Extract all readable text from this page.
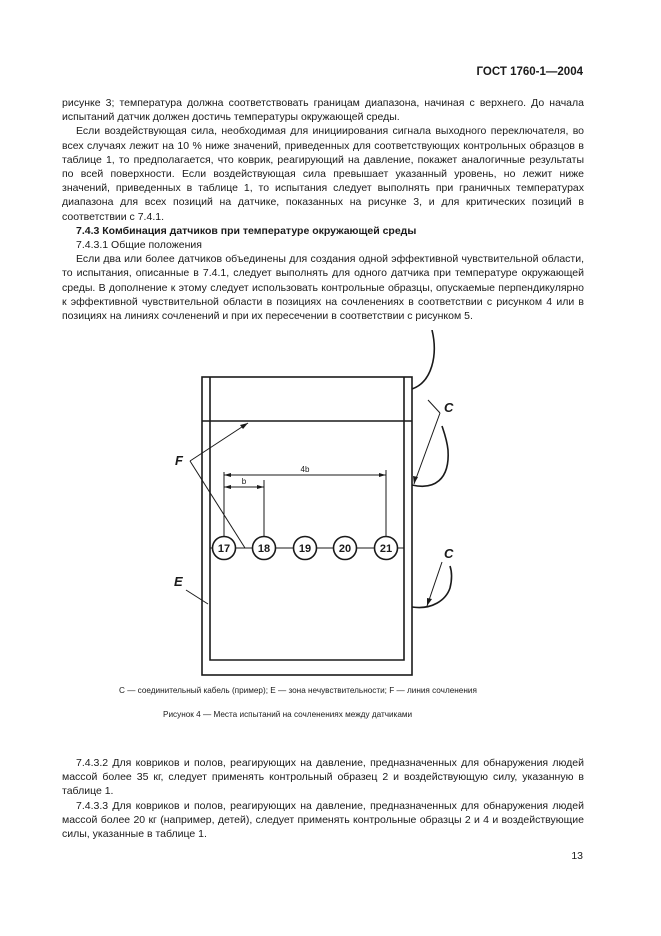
ГОСТ 1760-1—2004

рисунке 3; температура должна соответствовать границам диапазона, начиная с верхнего. До начала испытаний датчик должен достичь температуры окружающей среды.

Если воздействующая сила, необходимая для инициирования сигнала выходного переключателя, во всех случаях лежит на 10 % ниже значений, приведенных для соответствующих контрольных образцов в таблице 1, то предполагается, что коврик, реагирующий на давление, покажет аналогичные результаты по всей поверхности. Если воздействующая сила превышает указанный уровень, но лежит ниже значений, приведенных в таблице 1, то испытания следует выполнять при граничных температурах диапазона для всех позиций на датчике, показанных на рисунке 3, и для критических позиций в соответствии с 7.4.1.

7.4.3 Комбинация датчиков при температуре окружающей среды

7.4.3.1 Общие положения

Если два или более датчиков объединены для создания одной эффективной чувствительной области, то испытания, описанные в 7.4.1, следует выполнять для одного датчика при температуре окружающей среды. В дополнение к этому следует использовать контрольные образцы, опускаемые перпендикулярно к эффективной чувствительной области в позициях на сочленениях в соответствии с рисунком 4 или в позициях на линиях сочленений и при их пересечении в соответствии с рисунком 5.

17	18	19	20	21
b
4b
F
E
C
C
C — соединительный кабель (пример); E — зона нечувствительности; F — линия сочленения
Рисунок 4 — Места испытаний на сочленениях между датчиками

7.4.3.2 Для ковриков и полов, реагирующих на давление, предназначенных для обнаружения людей массой более 35 кг, следует применять контрольный образец 2 и воздействующую силу, указанную в таблице 1.

7.4.3.3 Для ковриков и полов, реагирующих на давление, предназначенных для обнаружения людей массой более 20 кг (например, детей), следует применять контрольные образцы 2 и 4 и воздействующие силы, указанные в таблице 1.

13
